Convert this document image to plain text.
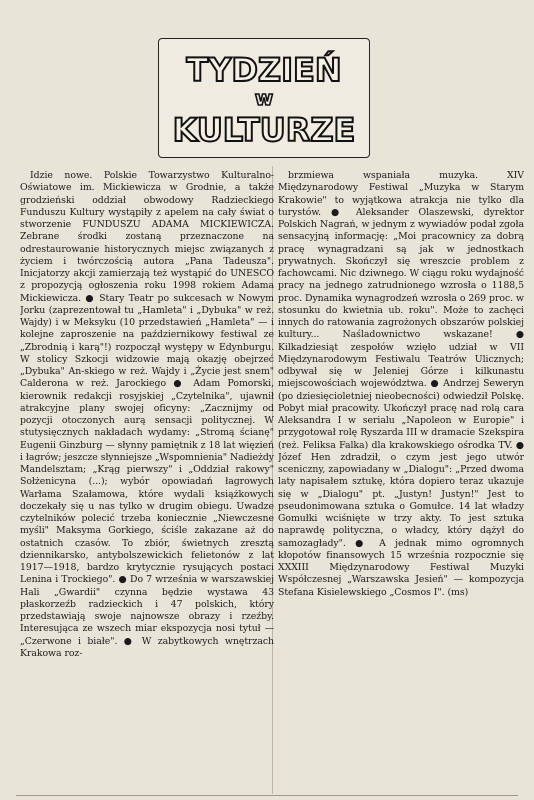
TYDZIEŃ
w
KULTURZE

Idzie nowe. Polskie Towarzystwo Kulturalno-Oświatowe im. Mickiewicza w Grodnie, a także grodzieński oddział obwodowy Radzieckiego Funduszu Kultury wystąpiły z apelem na cały świat o stworzenie FUNDUSZU ADAMA MICKIEWICZA. Zebrane środki zostaną przeznaczone na odrestaurowanie historycznych miejsc związanych z życiem i twórczością autora „Pana Tadeusza". Inicjatorzy akcji zamierzają też wystąpić do UNESCO z propozycją ogłoszenia roku 1998 rokiem Adama Mickiewicza. ● Stary Teatr po sukcesach w Nowym Jorku (zaprezentował tu „Hamleta" i „Dybuka" w reż. Wajdy) i w Meksyku (10 przedstawień „Hamleta" — i kolejne zaproszenie na październikowy festiwal ze „Zbrodnią i karą"!) rozpoczął występy w Edynburgu. W stolicy Szkocji widzowie mają okazję obejrzeć „Dybuka" An-skiego w reż. Wajdy i „Życie jest snem" Calderona w reż. Jarockiego ● Adam Pomorski, kierownik redakcji rosyjskiej „Czytelnika", ujawnił atrakcyjne plany swojej oficyny: „Zacznijmy od pozycji otoczonych aurą sensacji politycznej. W stutysięcznych nakładach wydamy: „Stromą ścianę" Eugenii Ginzburg — słynny pamiętnik z 18 lat więzień i łagrów; jeszcze słynniejsze „Wspomnienia" Nadieżdy Mandelsztam; „Krąg pierwszy" i „Oddział rakowy" Sołżenicyna (...); wybór opowiadań łagrowych Warłama Szałamowa, które wydali książkowych doczekały się u nas tylko w drugim obiegu. Uwadze czytelników polecić trzeba koniecznie „Niewczesne myśli" Maksyma Gorkiego, ściśle zakazane aż do ostatnich czasów. To zbiór, świetnych zresztą dziennikarsko, antybolszewickich felietonów z lat 1917—1918, bardzo krytycznie rysujących postaci Lenina i Trockiego". ● Do 7 września w warszawskiej Hali „Gwardii" czynna będzie wystawa 43 płaskorzeźb radzieckich i 47 polskich, który przedstawiają swoje najnowsze obrazy i rzeźby. Interesująca ze wszech miar ekspozycja nosi tytuł — „Czerwone i białe". ● W zabytkowych wnętrzach Krakowa roz-

brzmiewa wspaniała muzyka. XIV Międzynarodowy Festiwal „Muzyka w Starym Krakowie" to wyjątkowa atrakcja nie tylko dla turystów. ● Aleksander Olaszewski, dyrektor Polskich Nagrań, w jednym z wywiadów podał zgoła sensacyjną informację: „Moi pracownicy za dobrą pracę wynagradzani są jak w jednostkach prywatnych. Skończył się wreszcie problem z fachowcami. Nic dziwnego. W ciągu roku wydajność pracy na jednego zatrudnionego wzrosła o 1188,5 proc. Dynamika wynagrodzeń wzrosła o 269 proc. w stosunku do kwietnia ub. roku". Może to zachęci innych do ratowania zagrożonych obszarów polskiej kultury... Naśladownictwo wskazane! ● Kilkadziesiąt zespołów wzięło udział w VII Międzynarodowym Festiwalu Teatrów Ulicznych; odbywał się w Jeleniej Górze i kilkunastu miejscowościach województwa. ● Andrzej Seweryn (po dziesięcioletniej nieobecności) odwiedził Polskę. Pobyt miał pracowity. Ukończył pracę nad rolą cara Aleksandra I w serialu „Napoleon w Europie" i przygotował rolę Ryszarda III w dramacie Szekspira (reż. Feliksa Falka) dla krakowskiego ośrodka TV. ● Józef Hen zdradził, o czym jest jego utwór sceniczny, zapowiadany w „Dialogu": „Przed dwoma laty napisałem sztukę, która dopiero teraz ukazuje się w „Dialogu" pt. „Justyn! Justyn!" Jest to pseudonimowana sztuka o Gomułce. 14 lat władzy Gomułki wciśnięte w trzy akty. To jest sztuka naprawdę polityczna, o władcy, który dążył do samozagłady". ● A jednak mimo ogromnych kłopotów finansowych 15 września rozpocznie się XXXIII Międzynarodowy Festiwal Muzyki Współczesnej „Warszawska Jesień" — kompozycja Stefana Kisielewskiego „Cosmos I". (ms)
